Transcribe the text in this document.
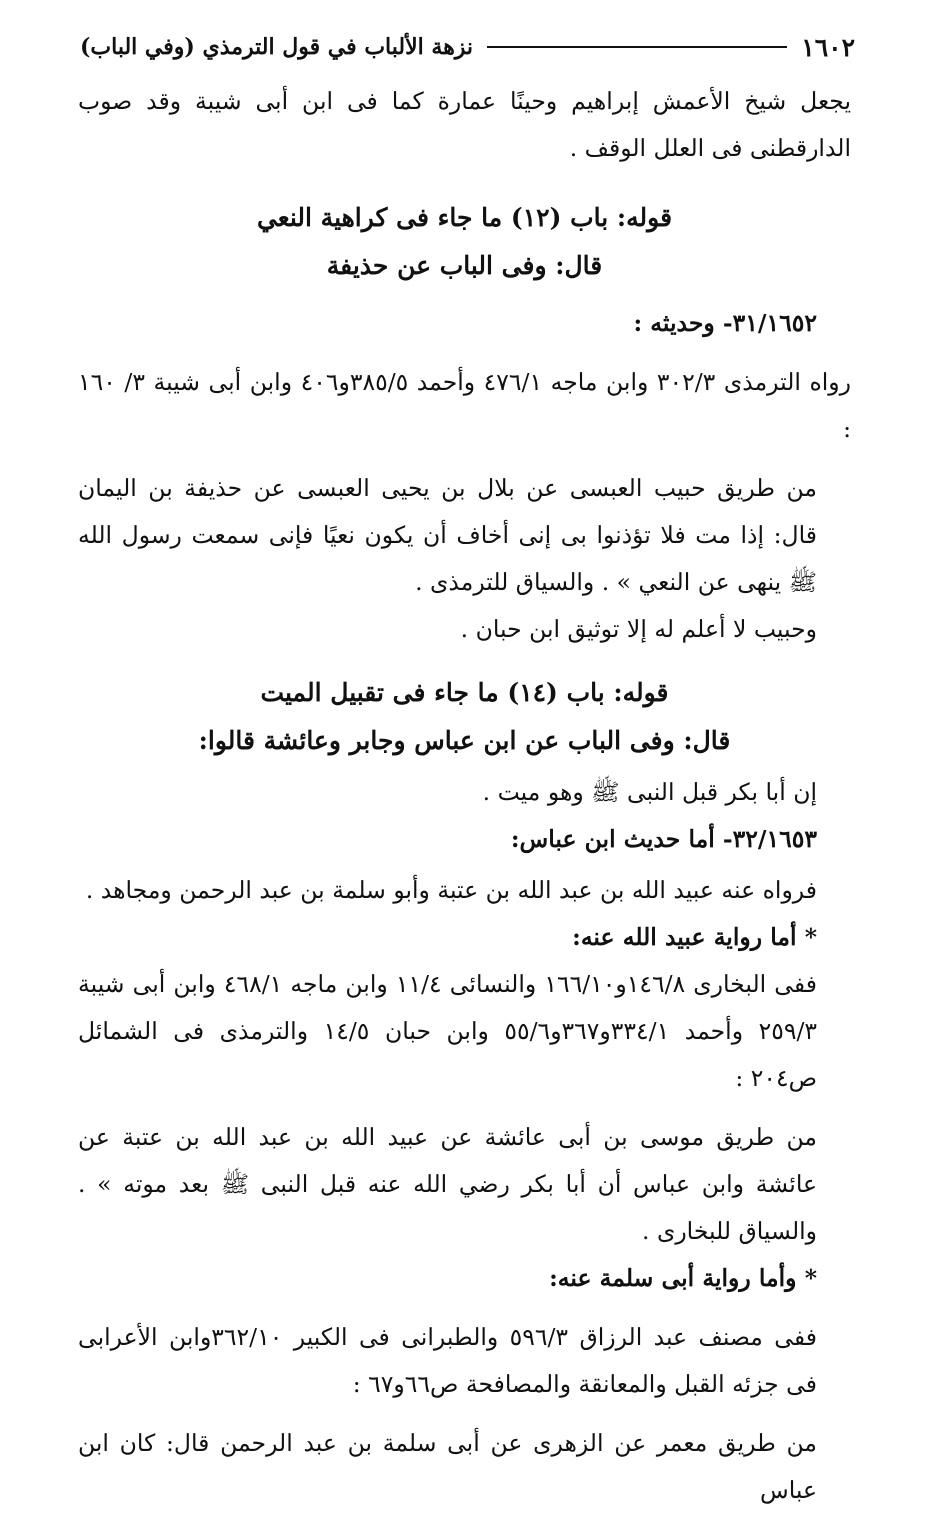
١٦٠٢
نزهة الألباب في قول الترمذي (وفي الباب)

يجعل شيخ الأعمش إبراهيم وحينًا عمارة كما فى ابن أبى شيبة وقد صوب الدارقطنى فى العلل الوقف .

قوله: باب (١٢) ما جاء فى كراهية النعي
قال: وفى الباب عن حذيفة

٣١/١٦٥٢- وحديثه :

رواه الترمذى ٣٠٢/٣ وابن ماجه ٤٧٦/١ وأحمد ٣٨٥/٥و٤٠٦ وابن أبى شيبة ٣/ ١٦٠ :

من طريق حبيب العبسى عن بلال بن يحيى العبسى عن حذيفة بن اليمان قال: إذا مت فلا تؤذنوا بى إنى أخاف أن يكون نعيًا فإنى سمعت رسول الله ﷺ ينهى عن النعي » . والسياق للترمذى .

وحبيب لا أعلم له إلا توثيق ابن حبان .

قوله: باب (١٤) ما جاء فى تقبيل الميت
قال: وفى الباب عن ابن عباس وجابر وعائشة قالوا:

إن أبا بكر قبل النبى ﷺ وهو ميت .

٣٢/١٦٥٣- أما حديث ابن عباس:

فرواه عنه عبيد الله بن عبد الله بن عتبة وأبو سلمة بن عبد الرحمن ومجاهد .

* أما رواية عبيد الله عنه:

ففى البخارى ١٤٦/٨و١٦٦/١٠ والنسائى ١١/٤ وابن ماجه ٤٦٨/١ وابن أبى شيبة ٢٥٩/٣ وأحمد ٣٣٤/١و٣٦٧و٥٥/٦ وابن حبان ١٤/٥ والترمذى فى الشمائل ص٢٠٤ :

من طريق موسى بن أبى عائشة عن عبيد الله بن عبد الله بن عتبة عن عائشة وابن عباس أن أبا بكر رضي الله عنه قبل النبى ﷺ بعد موته » . والسياق للبخارى .

* وأما رواية أبى سلمة عنه:

ففى مصنف عبد الرزاق ٥٩٦/٣ والطبرانى فى الكبير ٣٦٢/١٠وابن الأعرابى فى جزئه القبل والمعانقة والمصافحة ص٦٦و٦٧ :

من طريق معمر عن الزهرى عن أبى سلمة بن عبد الرحمن قال: كان ابن عباس
